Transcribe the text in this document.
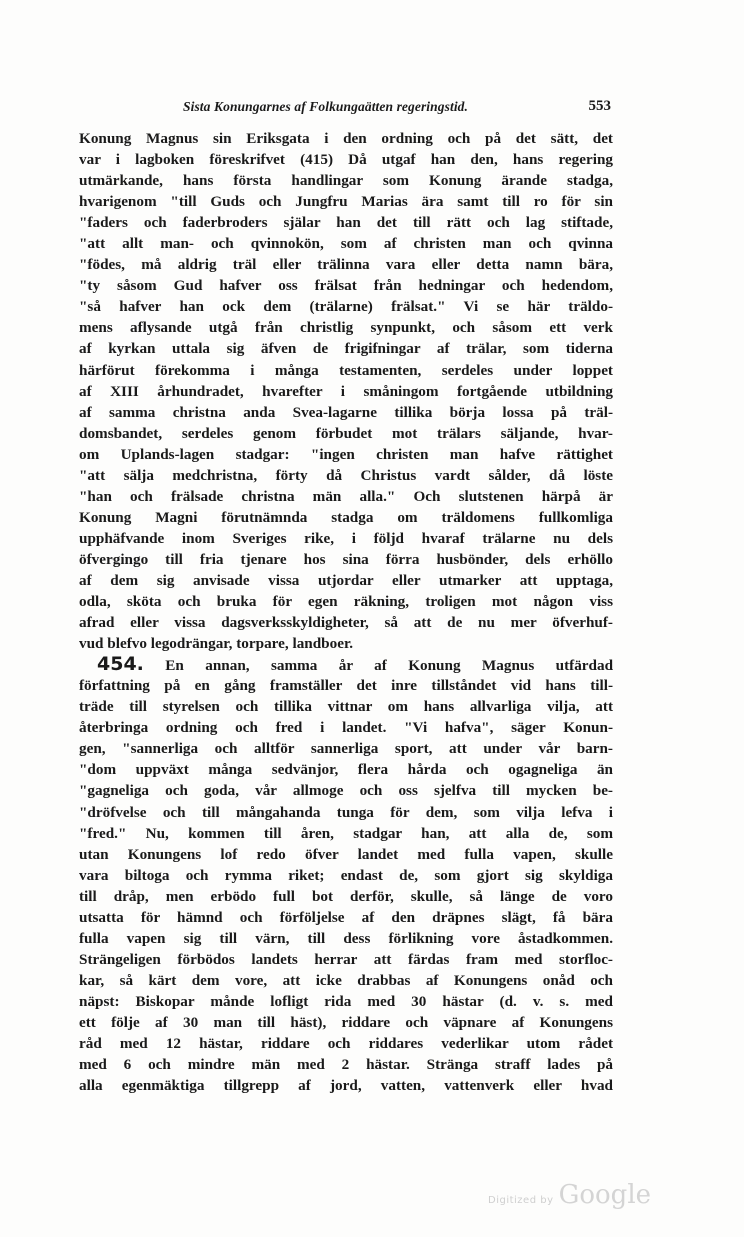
Sista Konungarnes af Folkungaätten regeringstid.	553
Konung Magnus sin Eriksgata i den ordning och på det sätt, det
var i lagboken föreskrifvet (415) Då utgaf han den, hans regering
utmärkande, hans första handlingar som Konung ärande stadga,
hvarigenom "till Guds och Jungfru Marias ära samt till ro för sin
"faders och faderbroders själar han det till rätt och lag stiftade,
"att allt man- och qvinnokön, som af christen man och qvinna
"födes, må aldrig träl eller trälinna vara eller detta namn bära,
"ty såsom Gud hafver oss frälsat från hedningar och hedendom,
"så hafver han ock dem (trälarne) frälsat." Vi se här träldo-
mens aflysande utgå från christlig synpunkt, och såsom ett verk
af kyrkan uttala sig äfven de frigifningar af trälar, som tiderna
härförut förekomma i många testamenten, serdeles under loppet
af XIII århundradet, hvarefter i småningom fortgående utbildning
af samma christna anda Svea-lagarne tillika börja lossa på träl-
domsbandet, serdeles genom förbudet mot trälars säljande, hvar-
om Uplands-lagen stadgar: "ingen christen man hafve rättighet
"att sälja medchristna, förty då Christus vardt sålder, då löste
"han och frälsade christna män alla." Och slutstenen härpå är
Konung Magni förutnämnda stadga om träldomens fullkomliga
upphäfvande inom Sveriges rike, i följd hvaraf trälarne nu dels
öfvergingo till fria tjenare hos sina förra husbönder, dels erhöllo
af dem sig anvisade vissa utjordar eller utmarker att upptaga,
odla, sköta och bruka för egen räkning, troligen mot någon viss
afrad eller vissa dagsverksskyldigheter, så att de nu mer öfverhuf-
vud blefvo legodrängar, torpare, landboer.
454. En annan, samma år af Konung Magnus utfärdad
författning på en gång framställer det inre tillståndet vid hans till-
träde till styrelsen och tillika vittnar om hans allvarliga vilja, att
återbringa ordning och fred i landet. "Vi hafva", säger Konun-
gen, "sannerliga och alltför sannerliga sport, att under vår barn-
"dom uppväxt många sedvänjor, flera hårda och ogagneliga än
"gagneliga och goda, vår allmoge och oss sjelfva till mycken be-
"dröfvelse och till mångahanda tunga för dem, som vilja lefva i
"fred." Nu, kommen till åren, stadgar han, att alla de, som
utan Konungens lof redo öfver landet med fulla vapen, skulle
vara biltoga och rymma riket; endast de, som gjort sig skyldiga
till dråp, men erbödo full bot derför, skulle, så länge de voro
utsatta för hämnd och förföljelse af den dräpnes slägt, få bära
fulla vapen sig till värn, till dess förlikning vore åstadkommen.
Strängeligen förbödos landets herrar att färdas fram med storfloc-
kar, så kärt dem vore, att icke drabbas af Konungens onåd och
näpst: Biskopar månde lofligt rida med 30 hästar (d. v. s. med
ett följe af 30 man till häst), riddare och väpnare af Konungens
råd med 12 hästar, riddare och riddares vederlikar utom rådet
med 6 och mindre män med 2 hästar. Stränga straff lades på
alla egenmäktiga tillgrepp af jord, vatten, vattenverk eller hvad
Digitized by Google
